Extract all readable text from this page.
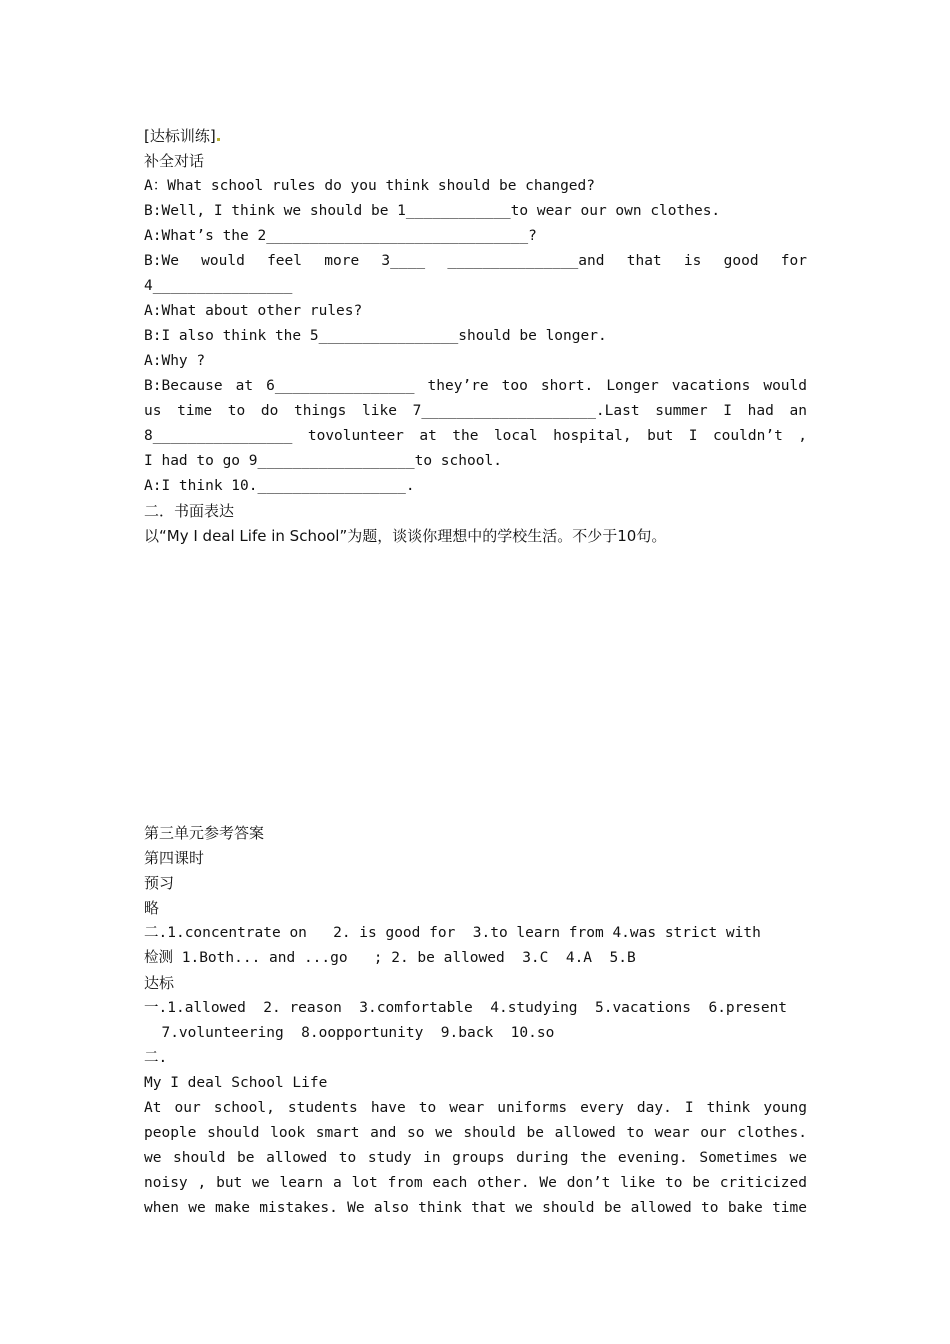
[达标训练]
补全对话
A：What school rules do you think should be changed?
B:Well, I think we should be 1____________to wear our own clothes.
A:What’s the 2______________________________?
B:We would feel more 3____ _______________and that is good for
4________________
A:What about other rules?
B:I also think the 5________________should be longer.
A:Why ?
B:Because at 6________________ they’re too short. Longer vacations would
us time to do things like 7____________________.Last summer I had an
8________________ tovolunteer at the local hospital, but I couldn’t ,
I had to go 9__________________to school.
A:I think 10._________________.
二．书面表达
以“My I deal Life in School”为题，谈谈你理想中的学校生活。不少于10句。
第三单元参考答案
第四课时
预习
略
二.1.concentrate on   2. is good for  3.to learn from 4.was strict with
检测 1.Both... and ...go   ; 2. be allowed  3.C  4.A  5.B
达标
一.1.allowed  2. reason  3.comfortable  4.studying  5.vacations  6.present
7.volunteering  8.oopportunity  9.back  10.so
二.
My I deal School Life
At our school, students have to wear uniforms every day. I think young
people should look smart and so we should be allowed to wear our clothes.
we should be allowed to study in groups during the evening. Sometimes we
noisy , but we learn a lot from each other. We don’t like to be criticized
when we make mistakes. We also think that we should be allowed to bake time
